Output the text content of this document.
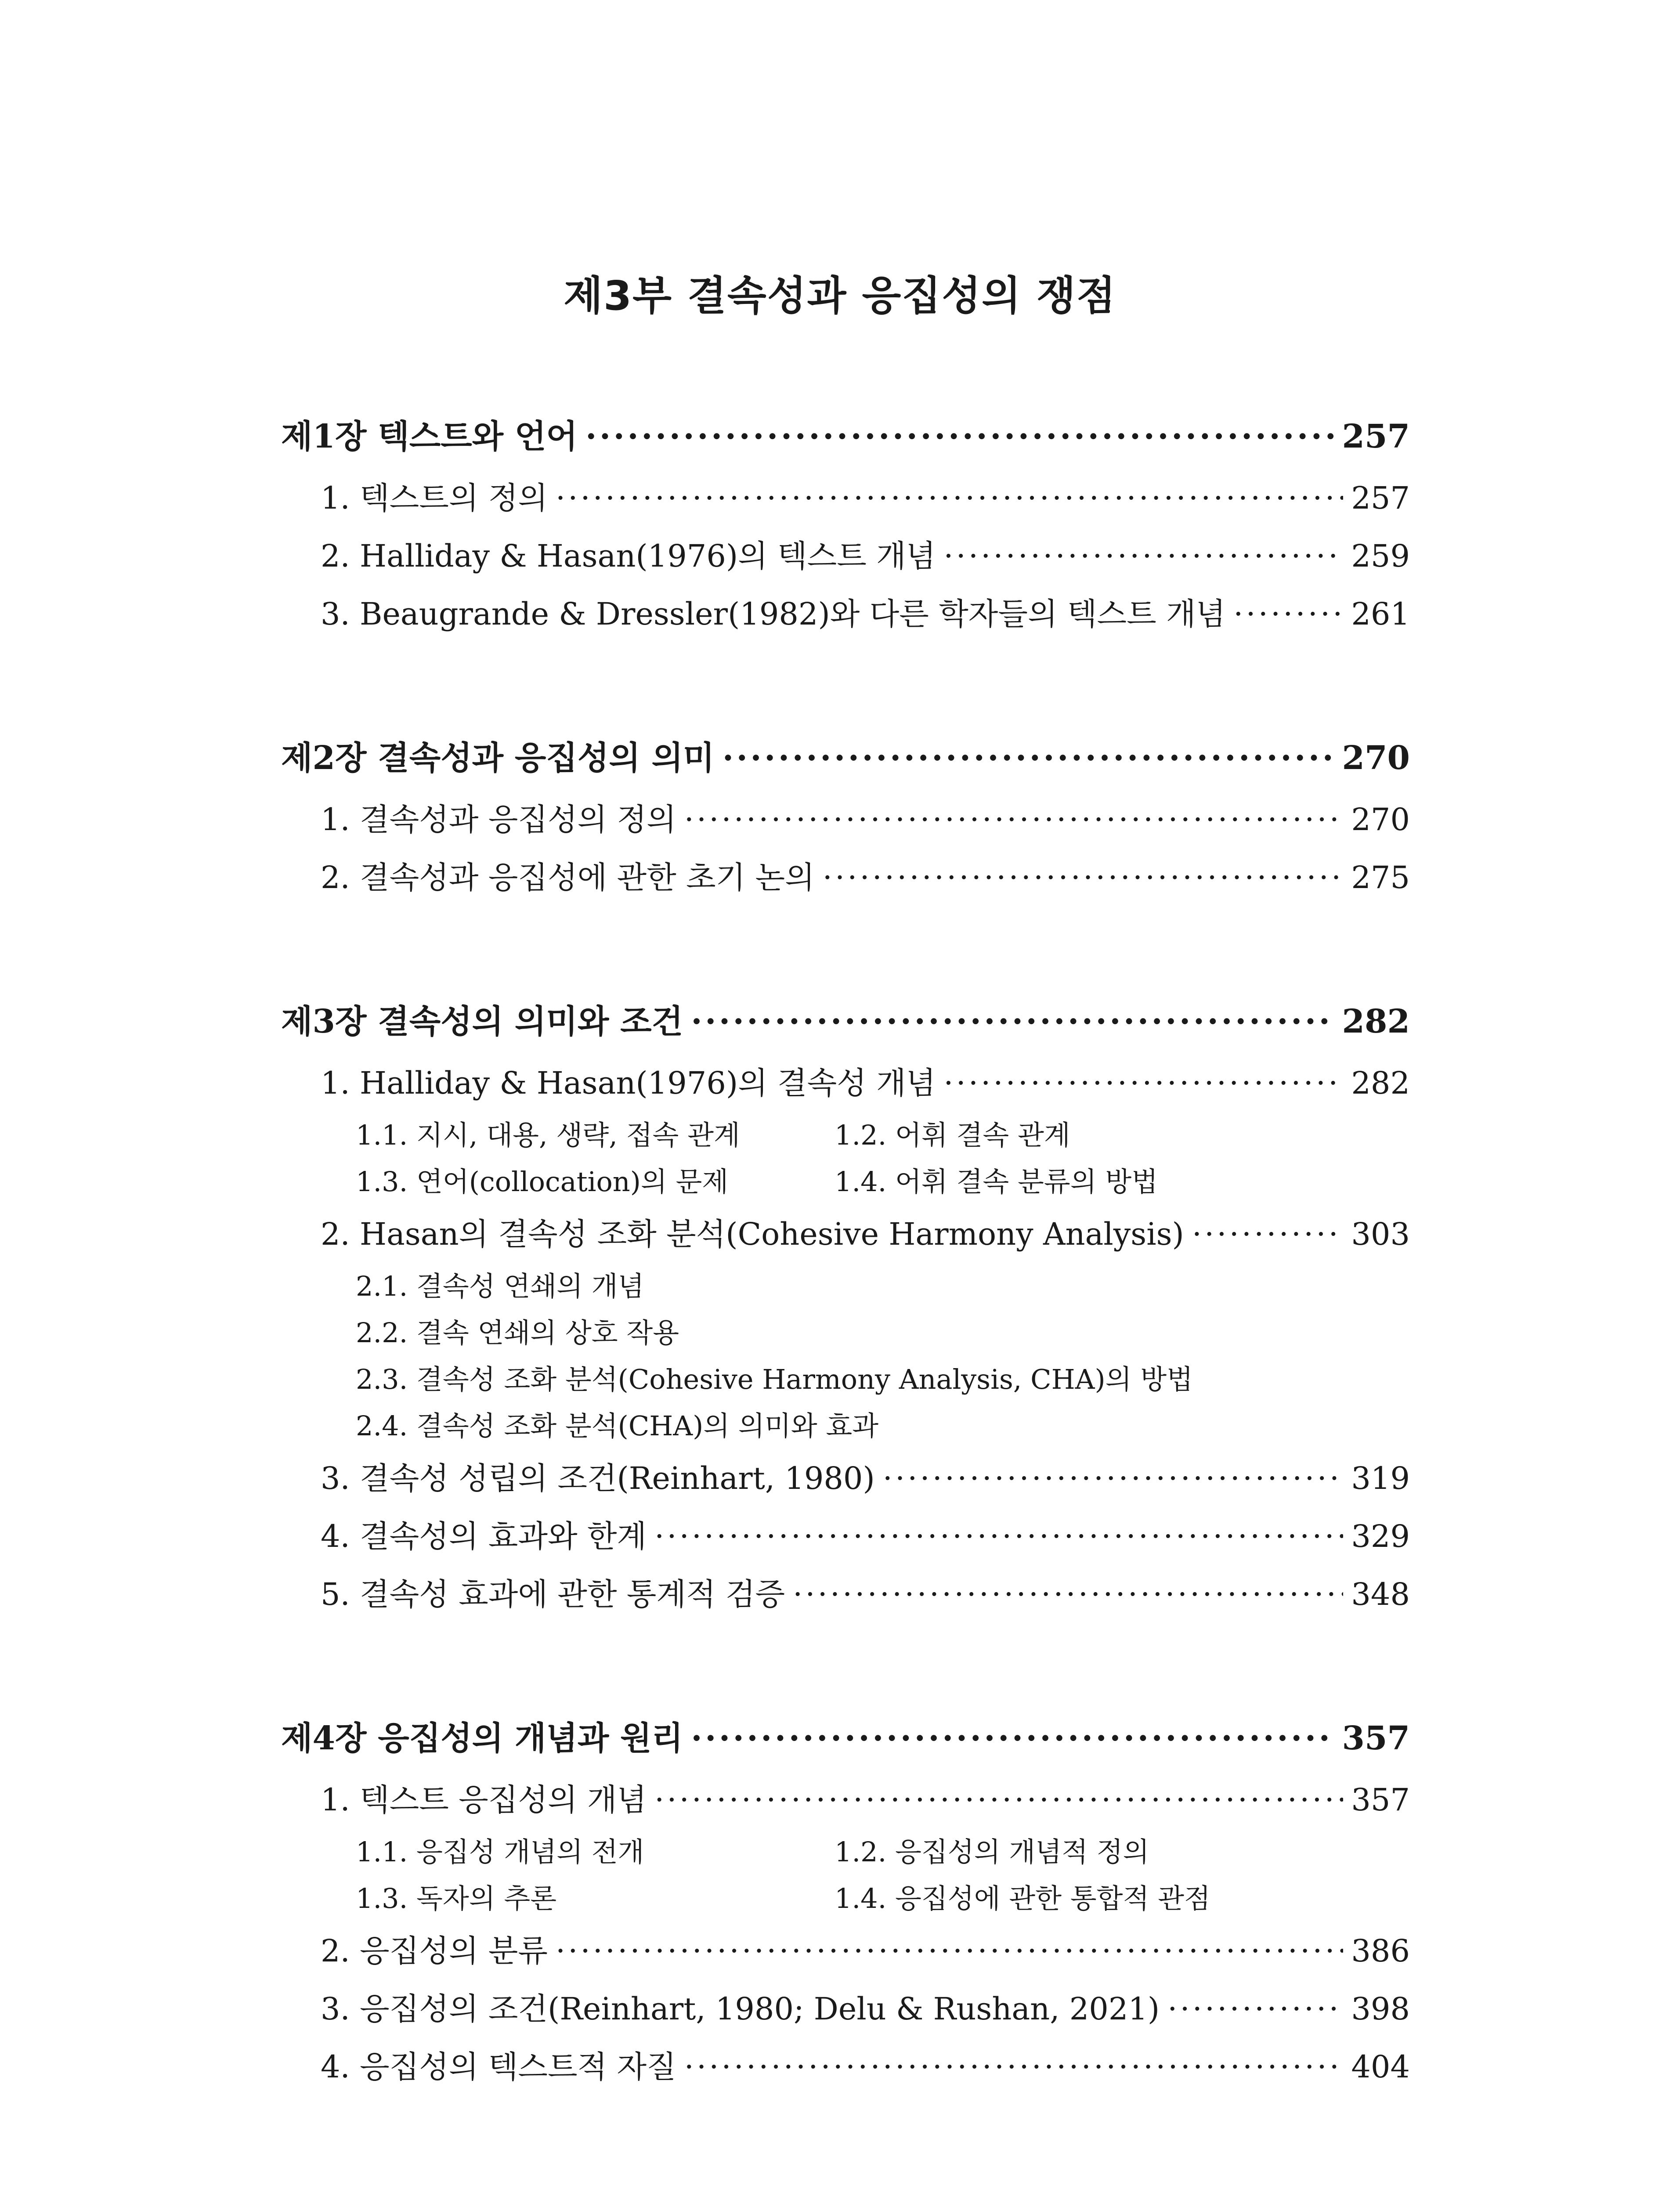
제3부 결속성과 응집성의 쟁점
제1장 텍스트와 언어 ·····	257
1. 텍스트의 정의 ·····	257
2. Halliday & Hasan(1976)의 텍스트 개념 ·····	259
3. Beaugrande & Dressler(1982)와 다른 학자들의 텍스트 개념 ·····	261
제2장 결속성과 응집성의 의미 ·····	270
1. 결속성과 응집성의 정의 ·····	270
2. 결속성과 응집성에 관한 초기 논의 ·····	275
제3장 결속성의 의미와 조건 ·····	282
1. Halliday & Hasan(1976)의 결속성 개념 ·····	282
1.1. 지시, 대용, 생략, 접속 관계	1.2. 어휘 결속 관계
1.3. 연어(collocation)의 문제	1.4. 어휘 결속 분류의 방법
2. Hasan의 결속성 조화 분석(Cohesive Harmony Analysis) ·····	303
2.1. 결속성 연쇄의 개념
2.2. 결속 연쇄의 상호 작용
2.3. 결속성 조화 분석(Cohesive Harmony Analysis, CHA)의 방법
2.4. 결속성 조화 분석(CHA)의 의미와 효과
3. 결속성 성립의 조건(Reinhart, 1980) ·····	319
4. 결속성의 효과와 한계 ·····	329
5. 결속성 효과에 관한 통계적 검증 ·····	348
제4장 응집성의 개념과 원리 ·····	357
1. 텍스트 응집성의 개념 ·····	357
1.1. 응집성 개념의 전개	1.2. 응집성의 개념적 정의
1.3. 독자의 추론	1.4. 응집성에 관한 통합적 관점
2. 응집성의 분류 ·····	386
3. 응집성의 조건(Reinhart, 1980; Delu & Rushan, 2021) ·····	398
4. 응집성의 텍스트적 자질 ·····	404
